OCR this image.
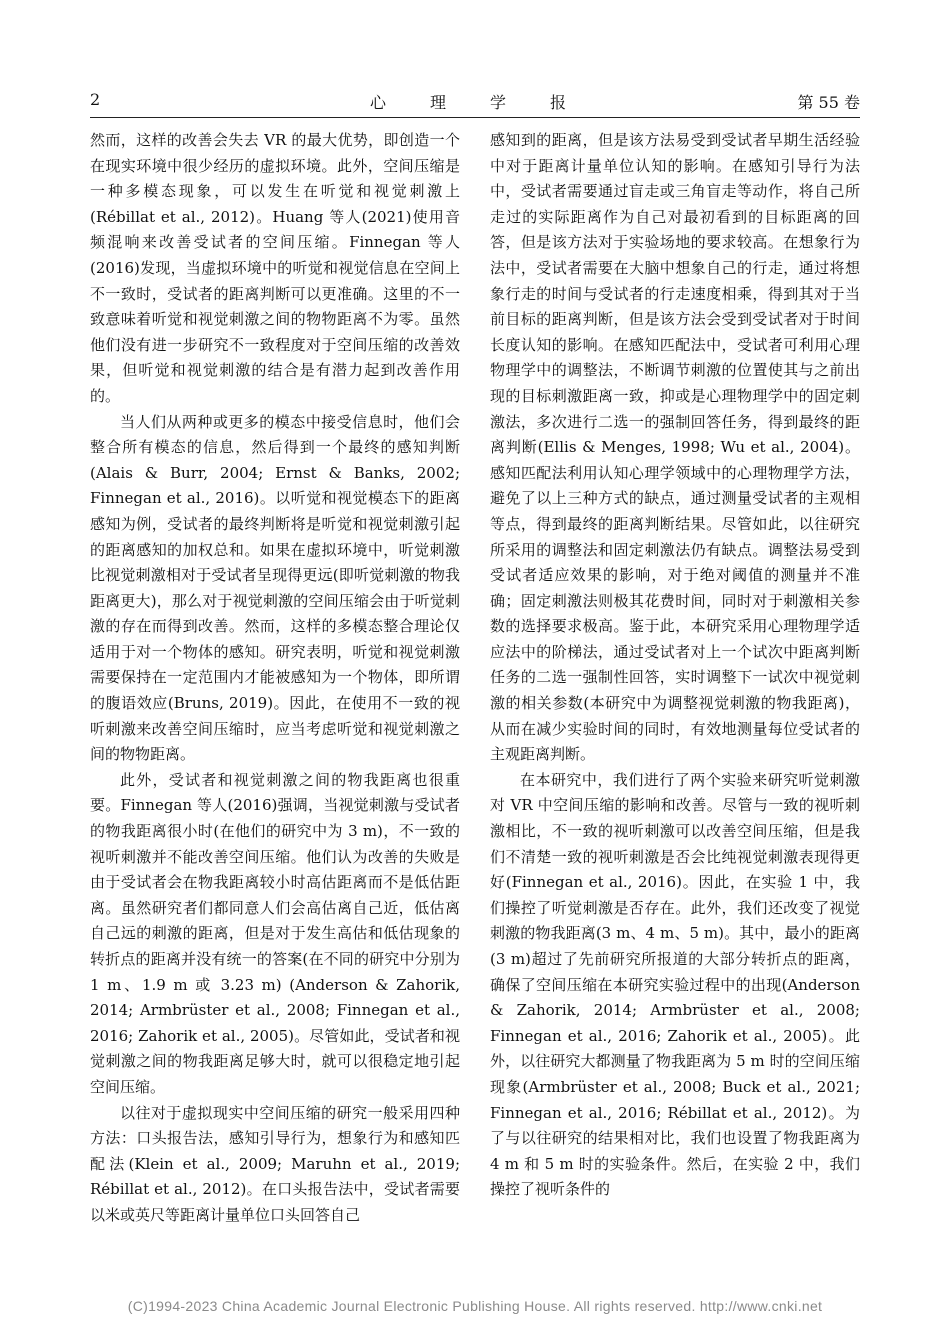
2	心　理　学　报	第 55 卷

然而，这样的改善会失去 VR 的最大优势，即创造一个在现实环境中很少经历的虚拟环境。此外，空间压缩是一种多模态现象，可以发生在听觉和视觉刺激上(Rébillat et al., 2012)。Huang 等人(2021)使用音频混响来改善受试者的空间压缩。Finnegan 等人(2016)发现，当虚拟环境中的听觉和视觉信息在空间上不一致时，受试者的距离判断可以更准确。这里的不一致意味着听觉和视觉刺激之间的物物距离不为零。虽然他们没有进一步研究不一致程度对于空间压缩的改善效果，但听觉和视觉刺激的结合是有潜力起到改善作用的。

当人们从两种或更多的模态中接受信息时，他们会整合所有模态的信息，然后得到一个最终的感知判断(Alais & Burr, 2004; Ernst & Banks, 2002; Finnegan et al., 2016)。以听觉和视觉模态下的距离感知为例，受试者的最终判断将是听觉和视觉刺激引起的距离感知的加权总和。如果在虚拟环境中，听觉刺激比视觉刺激相对于受试者呈现得更远(即听觉刺激的物我距离更大)，那么对于视觉刺激的空间压缩会由于听觉刺激的存在而得到改善。然而，这样的多模态整合理论仅适用于对一个物体的感知。研究表明，听觉和视觉刺激需要保持在一定范围内才能被感知为一个物体，即所谓的腹语效应(Bruns, 2019)。因此，在使用不一致的视听刺激来改善空间压缩时，应当考虑听觉和视觉刺激之间的物物距离。

此外，受试者和视觉刺激之间的物我距离也很重要。Finnegan 等人(2016)强调，当视觉刺激与受试者的物我距离很小时(在他们的研究中为 3 m)，不一致的视听刺激并不能改善空间压缩。他们认为改善的失败是由于受试者会在物我距离较小时高估距离而不是低估距离。虽然研究者们都同意人们会高估离自己近，低估离自己远的刺激的距离，但是对于发生高估和低估现象的转折点的距离并没有统一的答案(在不同的研究中分别为 1 m、1.9 m 或 3.23 m) (Anderson & Zahorik, 2014; Armbrüster et al., 2008; Finnegan et al., 2016; Zahorik et al., 2005)。尽管如此，受试者和视觉刺激之间的物我距离足够大时，就可以很稳定地引起空间压缩。

以往对于虚拟现实中空间压缩的研究一般采用四种方法：口头报告法，感知引导行为，想象行为和感知匹配法(Klein et al., 2009; Maruhn et al., 2019; Rébillat et al., 2012)。在口头报告法中，受试者需要以米或英尺等距离计量单位口头回答自己

感知到的距离，但是该方法易受到受试者早期生活经验中对于距离计量单位认知的影响。在感知引导行为法中，受试者需要通过盲走或三角盲走等动作，将自己所走过的实际距离作为自己对最初看到的目标距离的回答，但是该方法对于实验场地的要求较高。在想象行为法中，受试者需要在大脑中想象自己的行走，通过将想象行走的时间与受试者的行走速度相乘，得到其对于当前目标的距离判断，但是该方法会受到受试者对于时间长度认知的影响。在感知匹配法中，受试者可利用心理物理学中的调整法，不断调节刺激的位置使其与之前出现的目标刺激距离一致，抑或是心理物理学中的固定刺激法，多次进行二选一的强制回答任务，得到最终的距离判断(Ellis & Menges, 1998; Wu et al., 2004)。感知匹配法利用认知心理学领域中的心理物理学方法，避免了以上三种方式的缺点，通过测量受试者的主观相等点，得到最终的距离判断结果。尽管如此，以往研究所采用的调整法和固定刺激法仍有缺点。调整法易受到受试者适应效果的影响，对于绝对阈值的测量并不准确；固定刺激法则极其花费时间，同时对于刺激相关参数的选择要求极高。鉴于此，本研究采用心理物理学适应法中的阶梯法，通过受试者对上一个试次中距离判断任务的二选一强制性回答，实时调整下一试次中视觉刺激的相关参数(本研究中为调整视觉刺激的物我距离)，从而在减少实验时间的同时，有效地测量每位受试者的主观距离判断。

在本研究中，我们进行了两个实验来研究听觉刺激对 VR 中空间压缩的影响和改善。尽管与一致的视听刺激相比，不一致的视听刺激可以改善空间压缩，但是我们不清楚一致的视听刺激是否会比纯视觉刺激表现得更好(Finnegan et al., 2016)。因此，在实验 1 中，我们操控了听觉刺激是否存在。此外，我们还改变了视觉刺激的物我距离(3 m、4 m、5 m)。其中，最小的距离(3 m)超过了先前研究所报道的大部分转折点的距离，确保了空间压缩在本研究实验过程中的出现(Anderson & Zahorik, 2014; Armbrüster et al., 2008; Finnegan et al., 2016; Zahorik et al., 2005)。此外，以往研究大都测量了物我距离为 5 m 时的空间压缩现象(Armbrüster et al., 2008; Buck et al., 2021; Finnegan et al., 2016; Rébillat et al., 2012)。为了与以往研究的结果相对比，我们也设置了物我距离为 4 m 和 5 m 时的实验条件。然后，在实验 2 中，我们操控了视听条件的

(C)1994-2023 China Academic Journal Electronic Publishing House. All rights reserved. http://www.cnki.net
